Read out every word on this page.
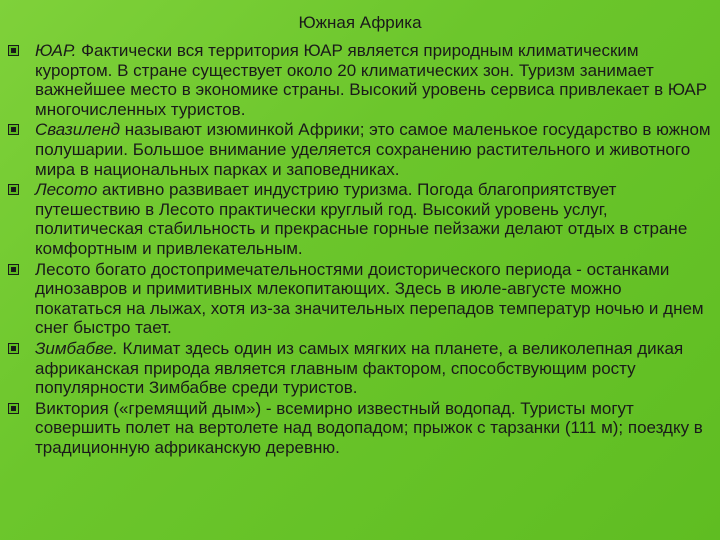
Южная Африка
ЮАР. Фактически вся территория ЮАР является природным климатическим курортом. В стране существует около 20 климатических зон. Туризм занимает важнейшее место в экономике страны. Высокий уровень сервиса привлекает в ЮАР многочисленных туристов.
Свазиленд называют изюминкой Африки; это самое маленькое государство в южном полушарии. Большое внимание уделяется сохранению растительного и животного мира в национальных парках и заповедниках.
Лесото активно развивает индустрию туризма. Погода благоприятствует путешествию в Лесото практически круглый год. Высокий уровень услуг, политическая стабильность и прекрасные горные пейзажи делают отдых в стране комфортным и привлекательным.
Лесото богато достопримечательностями доисторического периода - останками динозавров и примитивных млекопитающих. Здесь в июле-августе можно покататься на лыжах, хотя из-за значительных перепадов температур ночью и днем снег быстро тает.
Зимбабве. Климат здесь один из самых мягких на планете, а великолепная дикая африканская природа является главным фактором, способствующим росту популярности Зимбабве среди туристов.
Виктория («гремящий дым») - всемирно известный водопад. Туристы могут совершить полет на вертолете над водопадом; прыжок с тарзанки (111 м); поездку в традиционную африканскую деревню.
